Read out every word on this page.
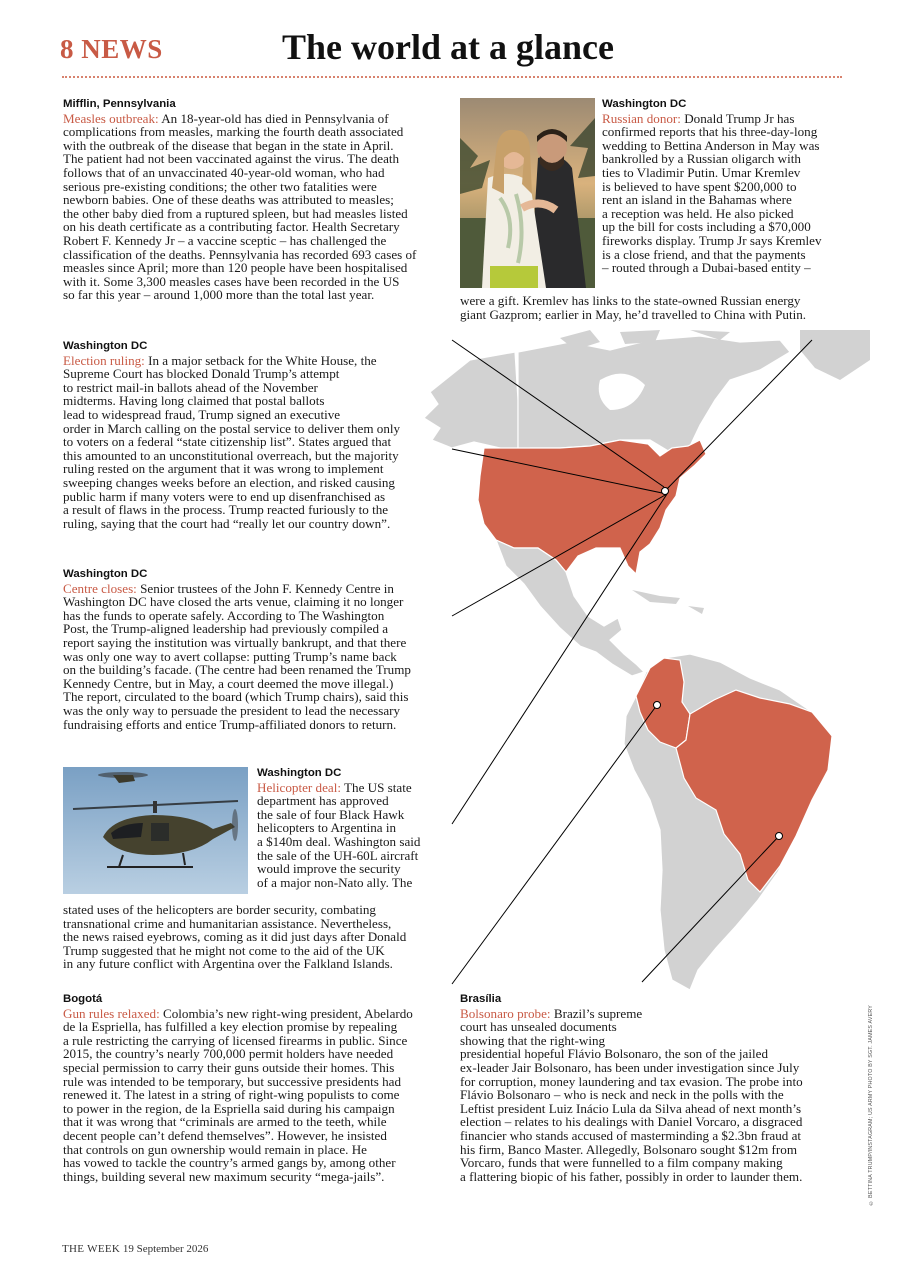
8 NEWS	The world at a glance
Mifflin, Pennsylvania
Measles outbreak: An 18-year-old has died in Pennsylvania of
complications from measles, marking the fourth death associated
with the outbreak of the disease that began in the state in April.
The patient had not been vaccinated against the virus. The death
follows that of an unvaccinated 40-year-old woman, who had
serious pre-existing conditions; the other two fatalities were
newborn babies. One of these deaths was attributed to measles;
the other baby died from a ruptured spleen, but had measles listed
on his death certificate as a contributing factor. Health Secretary
Robert F. Kennedy Jr – a vaccine sceptic – has challenged the
classification of the deaths. Pennsylvania has recorded 693 cases of
measles since April; more than 120 people have been hospitalised
with it. Some 3,300 measles cases have been recorded in the US
so far this year – around 1,000 more than the total last year.
Washington DC
Russian donor: Donald Trump Jr has
confirmed reports that his three-day-long
wedding to Bettina Anderson in May was
bankrolled by a Russian oligarch with
ties to Vladimir Putin. Umar Kremlev
is believed to have spent $200,000 to
rent an island in the Bahamas where
a reception was held. He also picked
up the bill for costs including a $70,000
fireworks display. Trump Jr says Kremlev
is a close friend, and that the payments
– routed through a Dubai-based entity –
were a gift. Kremlev has links to the state-owned Russian energy
giant Gazprom; earlier in May, he’d travelled to China with Putin.
Washington DC
Election ruling: In a major setback for the White House, the
Supreme Court has blocked Donald Trump’s attempt
to restrict mail-in ballots ahead of the November
midterms. Having long claimed that postal ballots
lead to widespread fraud, Trump signed an executive
order in March calling on the postal service to deliver them only
to voters on a federal “state citizenship list”. States argued that
this amounted to an unconstitutional overreach, but the majority
ruling rested on the argument that it was wrong to implement
sweeping changes weeks before an election, and risked causing
public harm if many voters were to end up disenfranchised as
a result of flaws in the process. Trump reacted furiously to the
ruling, saying that the court had “really let our country down”.
Washington DC
Centre closes: Senior trustees of the John F. Kennedy Centre in
Washington DC have closed the arts venue, claiming it no longer
has the funds to operate safely. According to The Washington
Post, the Trump-aligned leadership had previously compiled a
report saying the institution was virtually bankrupt, and that there
was only one way to avert collapse: putting Trump’s name back
on the building’s facade. (The centre had been renamed the Trump
Kennedy Centre, but in May, a court deemed the move illegal.)
The report, circulated to the board (which Trump chairs), said this
was the only way to persuade the president to lead the necessary
fundraising efforts and entice Trump-affiliated donors to return.
Washington DC
Helicopter deal: The US state
department has approved
the sale of four Black Hawk
helicopters to Argentina in
a $140m deal. Washington said
the sale of the UH-60L aircraft
would improve the security
of a major non-Nato ally. The
stated uses of the helicopters are border security, combating
transnational crime and humanitarian assistance. Nevertheless,
the news raised eyebrows, coming as it did just days after Donald
Trump suggested that he might not come to the aid of the UK
in any future conflict with Argentina over the Falkland Islands.
Bogotá
Gun rules relaxed: Colombia’s new right-wing president, Abelardo
de la Espriella, has fulfilled a key election promise by repealing
a rule restricting the carrying of licensed firearms in public. Since
2015, the country’s nearly 700,000 permit holders have needed
special permission to carry their guns outside their homes. This
rule was intended to be temporary, but successive presidents had
renewed it. The latest in a string of right-wing populists to come
to power in the region, de la Espriella said during his campaign
that it was wrong that “criminals are armed to the teeth, while
decent people can’t defend themselves”. However, he insisted
that controls on gun ownership would remain in place. He
has vowed to tackle the country’s armed gangs by, among other
things, building several new maximum security “mega-jails”.
Brasília
Bolsonaro probe: Brazil’s supreme
court has unsealed documents
showing that the right-wing
presidential hopeful Flávio Bolsonaro, the son of the jailed
ex-leader Jair Bolsonaro, has been under investigation since July
for corruption, money laundering and tax evasion. The probe into
Flávio Bolsonaro – who is neck and neck in the polls with the
Leftist president Luiz Inácio Lula da Silva ahead of next month’s
election – relates to his dealings with Daniel Vorcaro, a disgraced
financier who stands accused of masterminding a $2.3bn fraud at
his firm, Banco Master. Allegedly, Bolsonaro sought $12m from
Vorcaro, funds that were funnelled to a film company making
a flattering biopic of his father, possibly in order to launder them.	© BETTINA TRUMP/INSTAGRAM; US ARMY PHOTO BY SGT. JAMES AVERY
THE WEEK 19 September 2026
